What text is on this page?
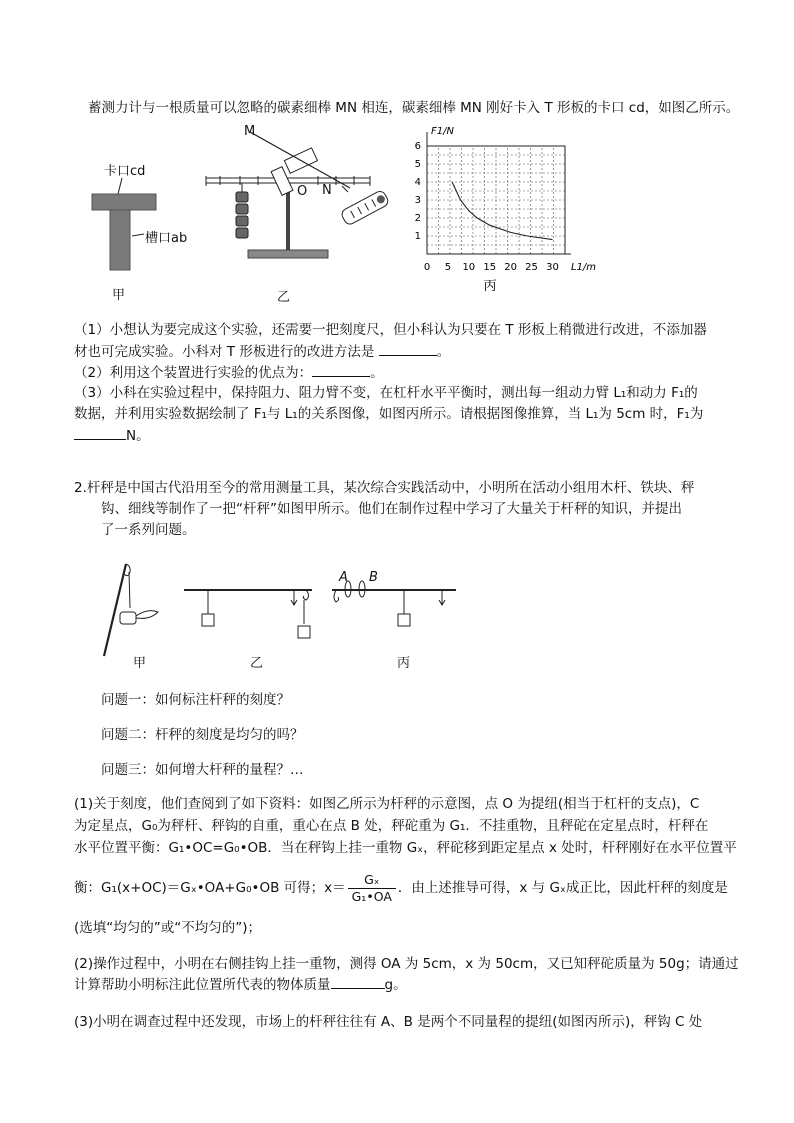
蓄测力计与一根质量可以忽略的碳素细棒 MN 相连，碳素细棒 MN 刚好卡入 T 形板的卡口 cd，如图乙所示。
卡口cd
槽口ab
甲
M
O N
乙
0 5 10 15 20 25 30
1
2
3
4
5
6
F1/N
L1/m
丙
（1）小想认为要完成这个实验，还需要一把刻度尺，但小科认为只要在 T 形板上稍微进行改进，不添加器
材也可完成实验。小科对 T 形板进行的改进方法是	。
（2）利用这个装置进行实验的优点为：	。
（3）小科在实验过程中，保持阻力、阻力臂不变，在杠杆水平平衡时，测出每一组动力臂 L₁和动力 F₁的
数据，并利用实验数据绘制了 F₁与 L₁的关系图像，如图丙所示。请根据图像推算，当 L₁为 5cm 时，F₁为
N。
2.杆秤是中国古代沿用至今的常用测量工具，某次综合实践活动中，小明所在活动小组用木杆、铁块、秤
钩、细线等制作了一把“杆秤”如图甲所示。他们在制作过程中学习了大量关于杆秤的知识，并提出
了一系列问题。
A B
甲	乙	丙
问题一：如何标注杆秤的刻度？
问题二：杆秤的刻度是均匀的吗？
问题三：如何增大杆秤的量程？…
(1)关于刻度，他们查阅到了如下资料：如图乙所示为杆秤的示意图，点 O 为提纽(相当于杠杆的支点)，C
为定星点，G₀为秤杆、秤钩的自重，重心在点 B 处，秤砣重为 G₁．不挂重物，且秤砣在定星点时，杆秤在
水平位置平衡：G₁•OC=G₀•OB．当在秤钩上挂一重物 Gₓ，秤砣移到距定星点 x 处时，杆秤刚好在水平位置平
衡：G₁(x+OC)＝Gₓ•OA+G₀•OB 可得；$x= \frac{\text{Gₓ}}{\text{G₁•OA}}$ ．由上述推导可得，x 与 Gₓ成正比，因此杆秤的刻度是
(选填“均匀的”或“不均匀的”)；
(2)操作过程中，小明在右侧挂钩上挂一重物，测得 OA 为 5cm，x 为 50cm，又已知秤砣质量为 50g；请通过
计算帮助小明标注此位置所代表的物体质量	g。
(3)小明在调查过程中还发现，市场上的杆秤往往有 A、B 是两个不同量程的提纽(如图丙所示)，秤钩 C 处
